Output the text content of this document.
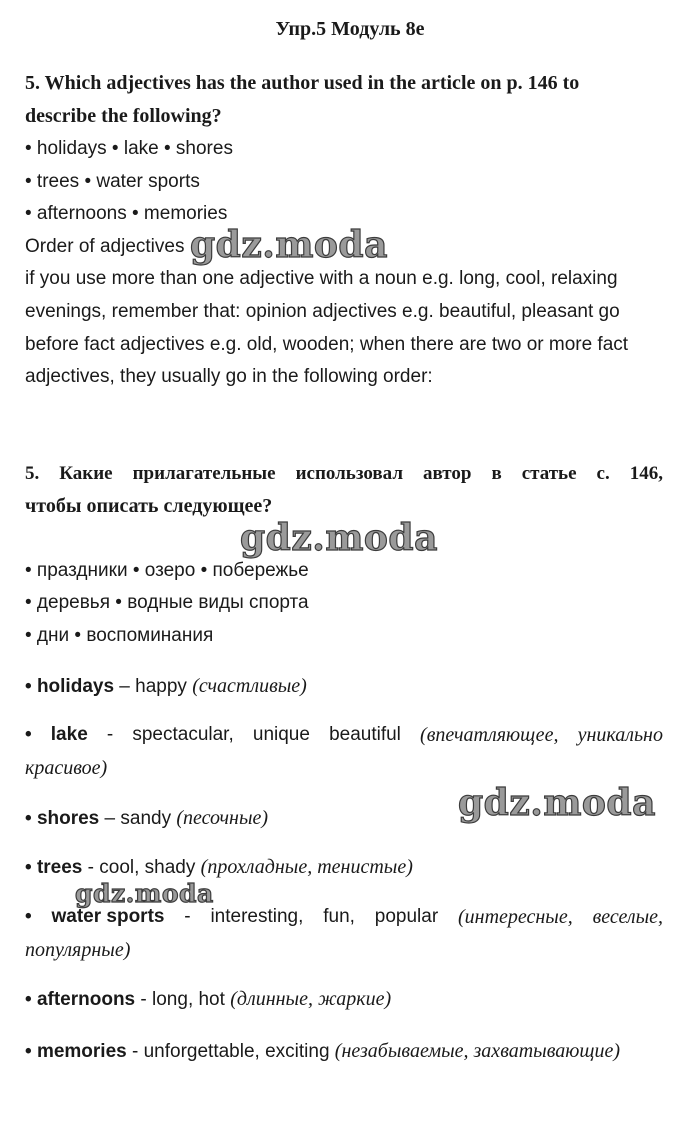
Упр.5 Модуль 8е
5. Which adjectives has the author used in the article on p. 146 to
describe the following?
• holidays • lake • shores
• trees • water sports
• afternoons • memories
Order of adjectives
if you use more than one adjective with a noun e.g. long, cool, relaxing
evenings, remember that: opinion adjectives e.g. beautiful, pleasant go
before fact adjectives e.g. old, wooden; when there are two or more fact
adjectives, they usually go in the following order:
5. Какие прилагательные использовал автор в статье с. 146,
чтобы описать следующее?
• праздники • озеро • побережье
• деревья • водные виды спорта
• дни • воспоминания
• holidays – happy (счастливые)
• lake - spectacular, unique beautiful (впечатляющее, уникально
красивое)
• shores – sandy (песочные)
• trees - cool, shady (прохладные, тенистые)
• water sports - interesting, fun, popular (интересные, веселые,
популярные)
• afternoons - long, hot (длинные, жаркие)
• memories - unforgettable, exciting (незабываемые, захватывающие)
gdz.moda
gdz.moda
gdz.moda
gdz.moda
